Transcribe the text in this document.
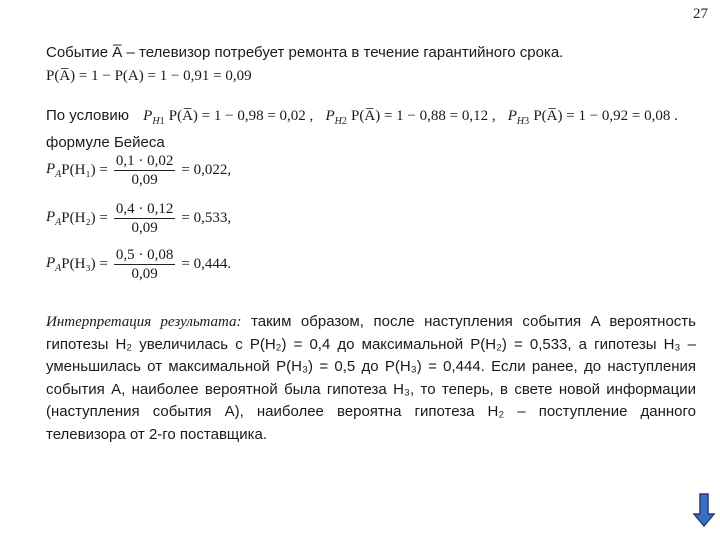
27
Событие A̅ – телевизор потребует ремонта в течение гарантийного срока.
P(A̅) = 1 − P(A) = 1 − 0,91 = 0,09
По условию $P_{H1}$ P(A̅) = 1 − 0,98 = 0,02 , $P_{H2}$ P(A̅) = 1 − 0,88 = 0,12 , $P_{H3}$ P(A̅) = 1 − 0,92 = 0,08 .
формуле Бейеса
$P_A$ $P(H_1) = \frac{0,1 \cdot 0,02}{0,09} = 0,022$,
$P_A$ $P(H_2) = \frac{0,4 \cdot 0,12}{0,09} = 0,533$,
$P_A$ $P(H_3) = \frac{0,5 \cdot 0,08}{0,09} = 0,444$.
Интерпретация результата: таким образом, после наступления события A вероятность гипотезы H₂ увеличилась с P(H₂) = 0,4 до максимальной P(H₂) = 0,533, а гипотезы H₃ – уменьшилась от максимальной P(H₃) = 0,5 до P(H₃) = 0,444. Если ранее, до наступления события A, наиболее вероятной была гипотеза H₃, то теперь, в свете новой информации (наступления события A), наиболее вероятна гипотеза H₂ – поступление данного телевизора от 2-го поставщика.
